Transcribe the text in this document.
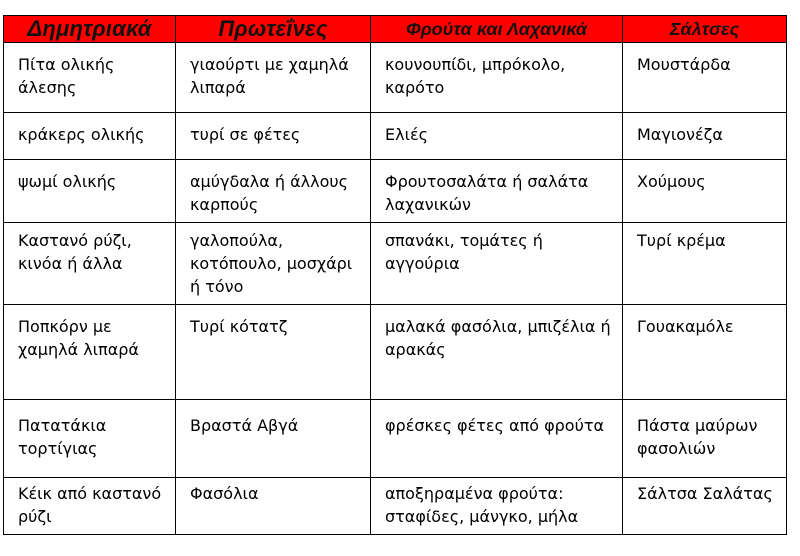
Δημητριακά	Πρωτεΐνες	Φρούτα και Λαχανικά	Σάλτσες
Πίτα ολικής άλεσης	γιαούρτι με χαμηλά λιπαρά	κουνουπίδι, μπρόκολο, καρότο	Μουστάρδα
κράκερς ολικής	τυρί σε φέτες	Ελιές	Μαγιονέζα
ψωμί ολικής	αμύγδαλα ή άλλους καρπούς	Φρουτοσαλάτα ή σαλάτα λαχανικών	Χούμους
Καστανό ρύζι, κινόα ή άλλα	γαλοπούλα, κοτόπουλο, μοσχάρι ή τόνο	σπανάκι, τομάτες ή αγγούρια	Τυρί κρέμα
Ποπκόρν με χαμηλά λιπαρά	Τυρί κότατζ	μαλακά φασόλια, μπιζέλια ή αρακάς	Γουακαμόλε
Πατατάκια τορτίγιας	Βραστά Αβγά	φρέσκες φέτες από φρούτα	Πάστα μαύρων φασολιών
Κέικ από καστανό ρύζι	Φασόλια	αποξηραμένα φρούτα: σταφίδες, μάνγκο, μήλα	Σάλτσα Σαλάτας
